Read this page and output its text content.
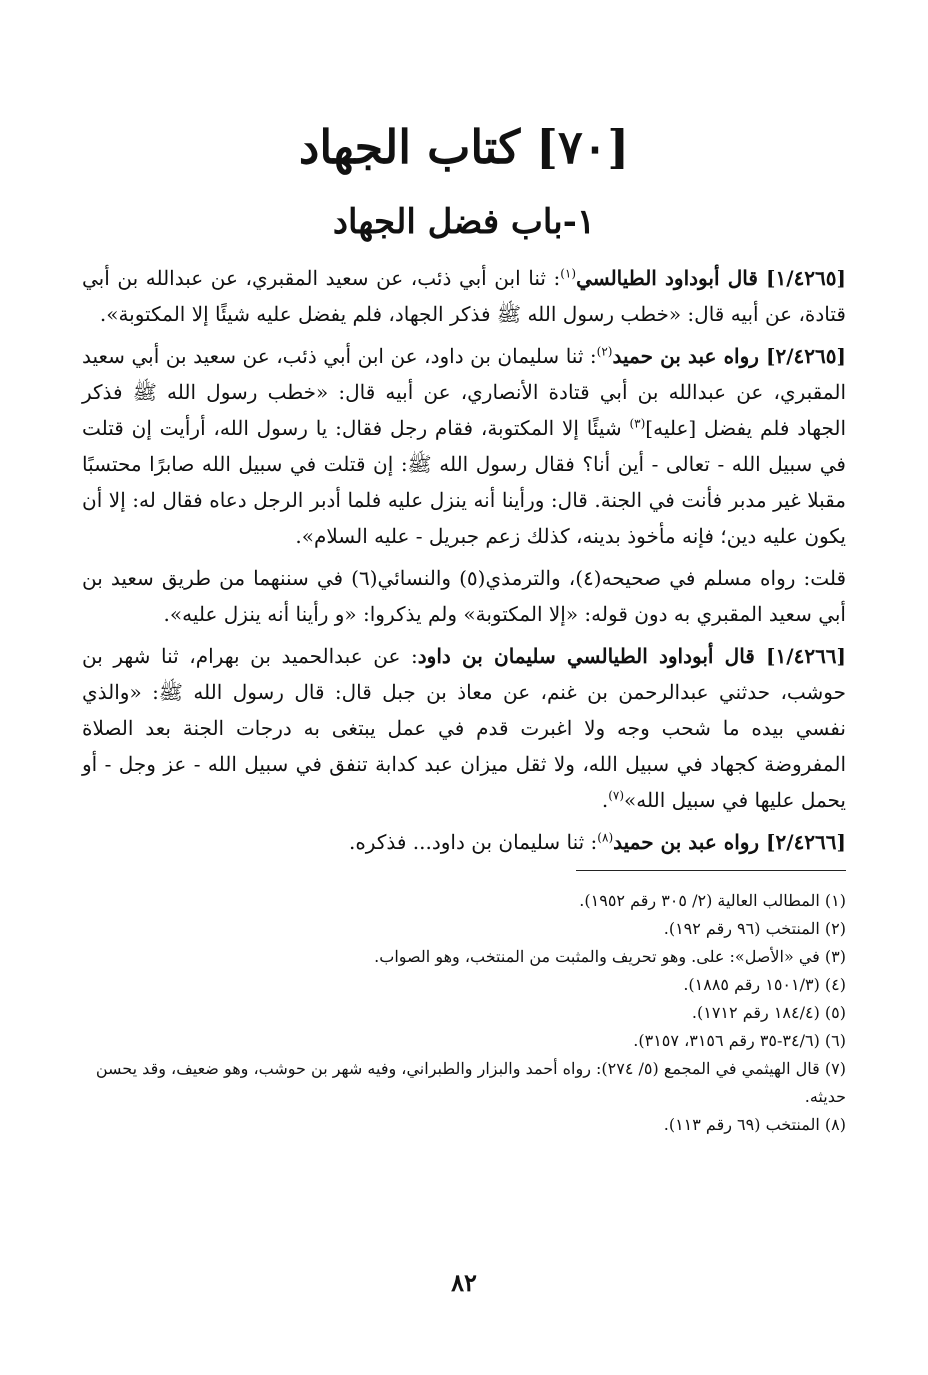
[٧٠] كتاب الجهاد
١-باب فضل الجهاد

[١/٤٢٦٥] قال أبوداود الطيالسي$^{(١)}$: ثنا ابن أبي ذئب، عن سعيد المقبري، عن عبدالله بن أبي قتادة، عن أبيه قال: «خطب رسول الله ﷺ فذكر الجهاد، فلم يفضل عليه شيئًا إلا المكتوبة».

[٢/٤٢٦٥] رواه عبد بن حميد$^{(٢)}$: ثنا سليمان بن داود، عن ابن أبي ذئب، عن سعيد بن أبي سعيد المقبري، عن عبدالله بن أبي قتادة الأنصاري، عن أبيه قال: «خطب رسول الله ﷺ فذكر الجهاد فلم يفضل [عليه]$^{(٣)}$ شيئًا إلا المكتوبة، فقام رجل فقال: يا رسول الله، أرأيت إن قتلت في سبيل الله - تعالى - أين أنا؟ فقال رسول الله ﷺ: إن قتلت في سبيل الله صابرًا محتسبًا مقبلا غير مدبر فأنت في الجنة. قال: ورأينا أنه ينزل عليه فلما أدبر الرجل دعاه فقال له: إلا أن يكون عليه دين؛ فإنه مأخوذ بدينه، كذلك زعم جبريل - عليه السلام».

قلت: رواه مسلم في صحيحه(٤)، والترمذي(٥) والنسائي(٦) في سننهما من طريق سعيد بن أبي سعيد المقبري به دون قوله: «إلا المكتوبة» ولم يذكروا: «و رأينا أنه ينزل عليه».

[١/٤٢٦٦] قال أبوداود الطيالسي سليمان بن داود: عن عبدالحميد بن بهرام، ثنا شهر بن حوشب، حدثني عبدالرحمن بن غنم، عن معاذ بن جبل قال: قال رسول الله ﷺ: «والذي نفسي بيده ما شحب وجه ولا اغبرت قدم في عمل يبتغى به درجات الجنة بعد الصلاة المفروضة كجهاد في سبيل الله، ولا ثقل ميزان عبد كدابة تنفق في سبيل الله - عز وجل - أو يحمل عليها في سبيل الله»$^{(٧)}$.

[٢/٤٢٦٦] رواه عبد بن حميد$^{(٨)}$: ثنا سليمان بن داود... فذكره.

(١) المطالب العالية (٢/ ٣٠٥ رقم ١٩٥٢).

(٢) المنتخب (٩٦ رقم ١٩٢).

(٣) في «الأصل»: على. وهو تحريف والمثبت من المنتخب، وهو الصواب.

(٤) (١٥٠١/٣ رقم ١٨٨٥).

(٥) (١٨٤/٤ رقم ١٧١٢).

(٦) (٣٤/٦-٣٥ رقم ٣١٥٦، ٣١٥٧).

(٧) قال الهيثمي في المجمع (٥/ ٢٧٤): رواه أحمد والبزار والطبراني، وفيه شهر بن حوشب، وهو ضعيف، وقد يحسن حديثه.

(٨) المنتخب (٦٩ رقم ١١٣).

٨٢
